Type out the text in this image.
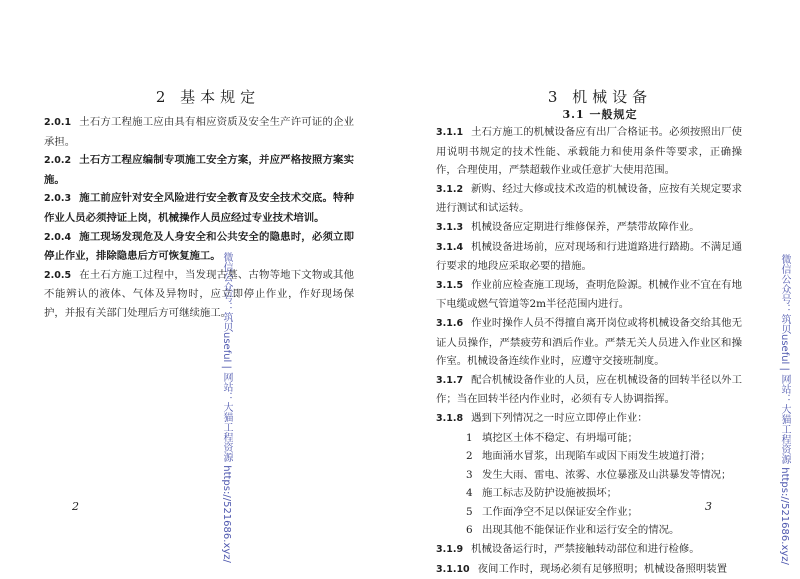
2 基本规定

2.0.1 土石方工程施工应由具有相应资质及安全生产许可证的企业承担。

2.0.2 土石方工程应编制专项施工安全方案，并应严格按照方案实施。

2.0.3 施工前应针对安全风险进行安全教育及安全技术交底。特种作业人员必须持证上岗，机械操作人员应经过专业技术培训。

2.0.4 施工现场发现危及人身安全和公共安全的隐患时，必须立即停止作业，排除隐患后方可恢复施工。

2.0.5 在土石方施工过程中，当发现古墓、古物等地下文物或其他不能辨认的液体、气体及异物时，应立即停止作业，作好现场保护，并报有关部门处理后方可继续施工。

2
3 机械设备
3.1 一般规定

3.1.1 土石方施工的机械设备应有出厂合格证书。必须按照出厂使用说明书规定的技术性能、承载能力和使用条件等要求，正确操作，合理使用，严禁超载作业或任意扩大使用范围。

3.1.2 新购、经过大修或技术改造的机械设备，应按有关规定要求进行测试和试运转。

3.1.3 机械设备应定期进行维修保养，严禁带故障作业。

3.1.4 机械设备进场前，应对现场和行进道路进行踏勘。不满足通行要求的地段应采取必要的措施。

3.1.5 作业前应检查施工现场，查明危险源。机械作业不宜在有地下电缆或燃气管道等2m半径范围内进行。

3.1.6 作业时操作人员不得擅自离开岗位或将机械设备交给其他无证人员操作，严禁疲劳和酒后作业。严禁无关人员进入作业区和操作室。机械设备连续作业时，应遵守交接班制度。

3.1.7 配合机械设备作业的人员，应在机械设备的回转半径以外工作；当在回转半径内作业时，必须有专人协调指挥。

3.1.8 遇到下列情况之一时应立即停止作业：

1 填挖区土体不稳定、有坍塌可能；

2 地面涌水冒浆，出现陷车或因下雨发生坡道打滑；

3 发生大雨、雷电、浓雾、水位暴涨及山洪暴发等情况；

4 施工标志及防护设施被损坏；

5 工作面净空不足以保证安全作业；

6 出现其他不能保证作业和运行安全的情况。

3.1.9 机械设备运行时，严禁接触转动部位和进行检修。

3.1.10 夜间工作时，现场必须有足够照明；机械设备照明装置

3
微信公众号：筑贝useful | 网站：大猫工程资源 https://521686.xyz/	微信公众号：筑贝useful | 网站：大猫工程资源 https://521686.xyz/
